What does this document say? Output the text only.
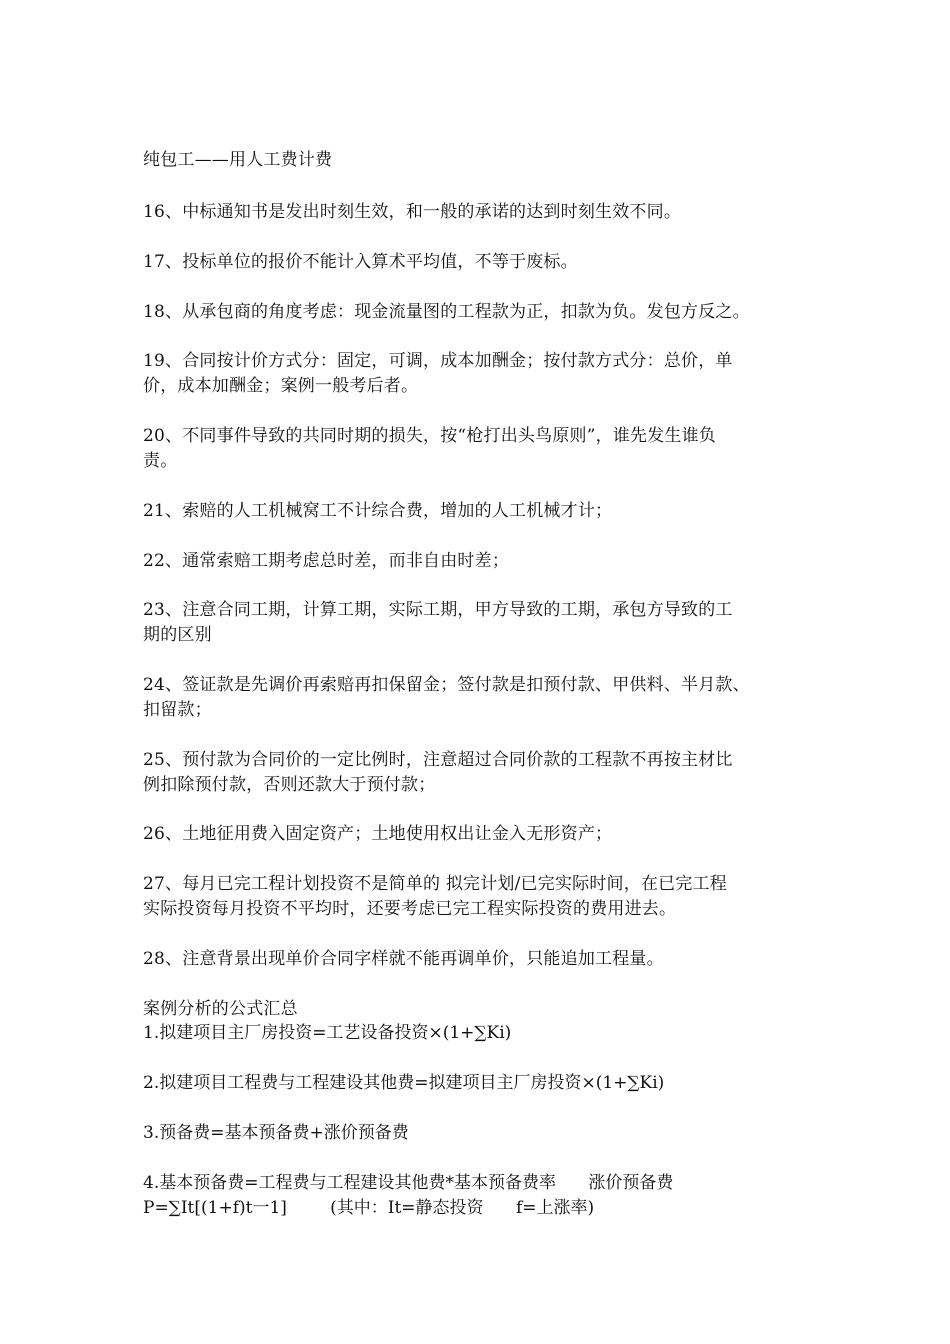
纯包工——用人工费计费
16、中标通知书是发出时刻生效，和一般的承诺的达到时刻生效不同。
17、投标单位的报价不能计入算术平均值，不等于废标。
18、从承包商的角度考虑：现金流量图的工程款为正，扣款为负。发包方反之。
19、合同按计价方式分：固定，可调，成本加酬金；按付款方式分：总价，单
价，成本加酬金；案例一般考后者。
20、不同事件导致的共同时期的损失，按“枪打出头鸟原则”，谁先发生谁负
责。
21、索赔的人工机械窝工不计综合费，增加的人工机械才计；
22、通常索赔工期考虑总时差，而非自由时差；
23、注意合同工期，计算工期，实际工期，甲方导致的工期，承包方导致的工
期的区别
24、签证款是先调价再索赔再扣保留金；签付款是扣预付款、甲供料、半月款、
扣留款；
25、预付款为合同价的一定比例时，注意超过合同价款的工程款不再按主材比
例扣除预付款，否则还款大于预付款；
26、土地征用费入固定资产；土地使用权出让金入无形资产；
27、每月已完工程计划投资不是简单的 拟完计划/已完实际时间，在已完工程
实际投资每月投资不平均时，还要考虑已完工程实际投资的费用进去。
28、注意背景出现单价合同字样就不能再调单价，只能追加工程量。
案例分析的公式汇总
1.拟建项目主厂房投资=工艺设备投资×(1+∑Ki)
2.拟建项目工程费与工程建设其他费=拟建项目主厂房投资×(1+∑Ki)
3.预备费=基本预备费+涨价预备费
4.基本预备费=工程费与工程建设其他费*基本预备费率      涨价预备费
P=∑It[(1+f)t一1]        (其中：It=静态投资      f=上涨率)
